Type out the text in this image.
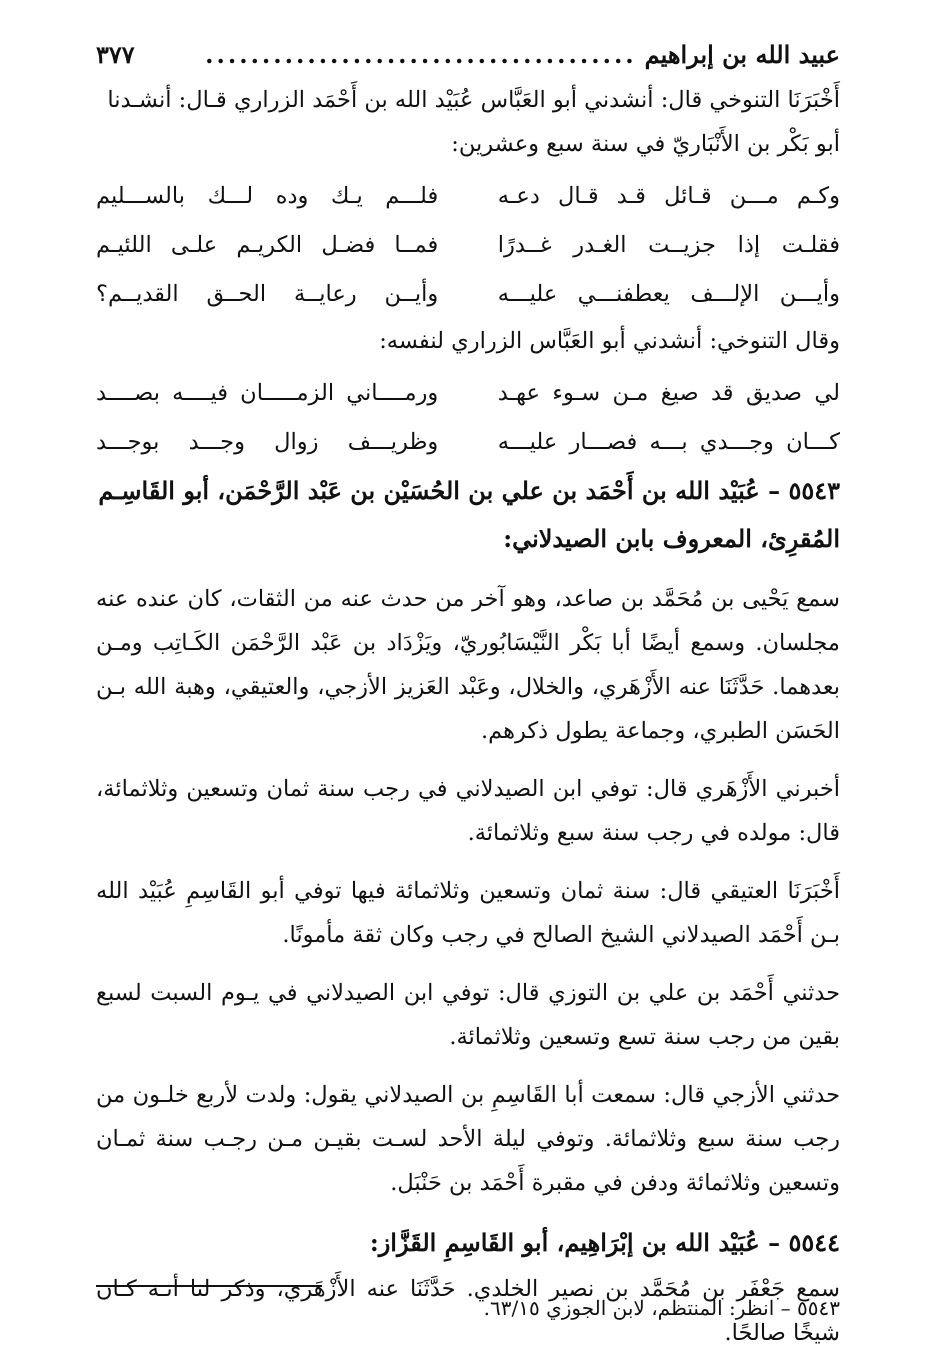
عبيد الله بن إبراهيم
......................................
٣٧٧

أَخْبَرَنَا التنوخي قال: أنشدني أبو العَبَّاس عُبَيْد الله بن أَحْمَد الزراري قـال: أنشـدنا

أبو بَكْر بن الأَنْبَاريّ في سنة سبع وعشرين:

وكـم مـــن قـائل قـد قـال دعـه
فلـــم يـك وده لـــك بالســـليم
فقلـت إذا جزيــت الغـدر غــدرًا
فمــا فضـل الكريـم علـى اللئيـم
وأيـــن الإلـــف يعطفنـــي عليـــه
وأيــن رعايــة الحــق القديــم؟

وقال التنوخي: أنشدني أبو العَبَّاس الزراري لنفسه:

لي صديق قد صيغ مـن سـوء عهـد
ورمــــاني الزمـــــان فيــــه بصــــد
كـــان وجـــدي بـــه فصـــار عليـــه
وظريـــف زوال وجـــد بوجـــد
٥٥٤٣ – عُبَيْد الله بن أَحْمَد بن علي بن الحُسَيْن بن عَبْد الرَّحْمَن، أبو القَاسِـم
المُقرِئ، المعروف بابن الصيدلاني:

سمع يَحْيى بن مُحَمَّد بن صاعد، وهو آخر من حدث عنه من الثقات، كان عنده عنه مجلسان. وسمع أيضًا أبا بَكْر النَّيْسَابُوريّ، ويَزْدَاد بن عَبْد الرَّحْمَن الكَـاتِب ومـن بعدهما. حَدَّثَنَا عنه الأَزْهَري، والخلال، وعَبْد العَزيز الأزجي، والعتيقي، وهبة الله بـن الحَسَن الطبري، وجماعة يطول ذكرهم.

أخبرني الأَزْهَري قال: توفي ابن الصيدلاني في رجب سنة ثمان وتسعين وثلاثمائة، قال: مولده في رجب سنة سبع وثلاثمائة.

أَخْبَرَنَا العتيقي قال: سنة ثمان وتسعين وثلاثمائة فيها توفي أبو القَاسِمِ عُبَيْد الله بـن أَحْمَد الصيدلاني الشيخ الصالح في رجب وكان ثقة مأمونًا.

حدثني أَحْمَد بن علي بن التوزي قال: توفي ابن الصيدلاني في يـوم السبت لسبع بقين من رجب سنة تسع وتسعين وثلاثمائة.

حدثني الأزجي قال: سمعت أبا القَاسِمِ بن الصيدلاني يقول: ولدت لأربع خلـون من رجب سنة سبع وثلاثمائة. وتوفي ليلة الأحد لسـت بقيـن مـن رجـب سنة ثمـان وتسعين وثلاثمائة ودفن في مقبرة أَحْمَد بن حَنْبَل.

٥٥٤٤ – عُبَيْد الله بن إبْرَاهِيم، أبو القَاسِمِ القَزَّاز:

سمع جَعْفَر بن مُحَمَّد بن نصير الخلدي. حَدَّثَنَا عنه الأَزْهَري، وذكر لنا أنـه كـان شيخًا صالحًا.

٥٥٤٣ – انظر: المنتظم، لابن الجوزي ٦٣/١٥.
